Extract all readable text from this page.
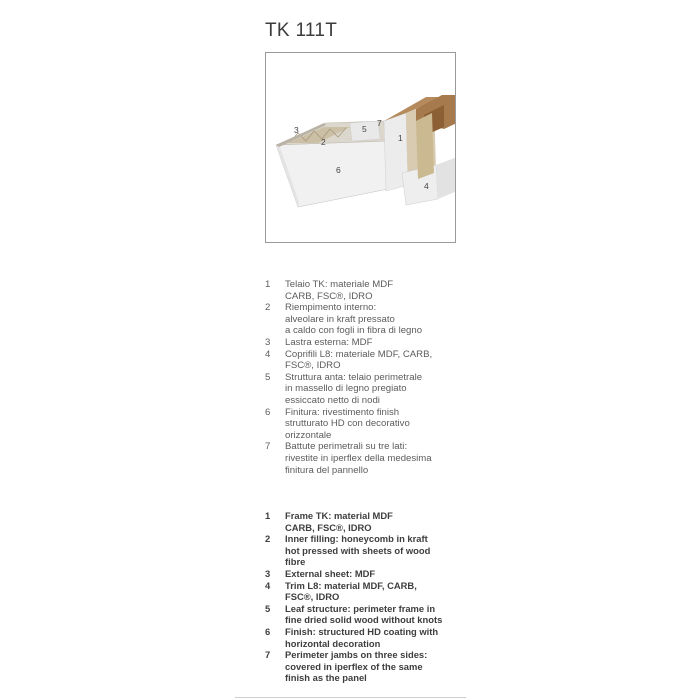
TK 111T
3
2
5
7
1
6
4
1	Telaio TK: materiale MDF
CARB, FSC®, IDRO
2	Riempimento interno:
alveolare in kraft pressato
a caldo con fogli in fibra di legno
3	Lastra esterna: MDF
4	Coprifili L8: materiale MDF, CARB,
FSC®, IDRO
5	Struttura anta: telaio perimetrale
in massello di legno pregiato
essiccato netto di nodi
6	Finitura: rivestimento finish
strutturato HD con decorativo
orizzontale
7	Battute perimetrali su tre lati:
rivestite in iperflex della medesima
finitura del pannello
1	Frame TK: material MDF
CARB, FSC®, IDRO
2	Inner filling: honeycomb in kraft
hot pressed with sheets of wood
fibre
3	External sheet: MDF
4	Trim L8: material MDF, CARB,
FSC®, IDRO
5	Leaf structure: perimeter frame in
fine dried solid wood without knots
6	Finish: structured HD coating with
horizontal decoration
7	Perimeter jambs on three sides:
covered in iperflex of the same
finish as the panel
